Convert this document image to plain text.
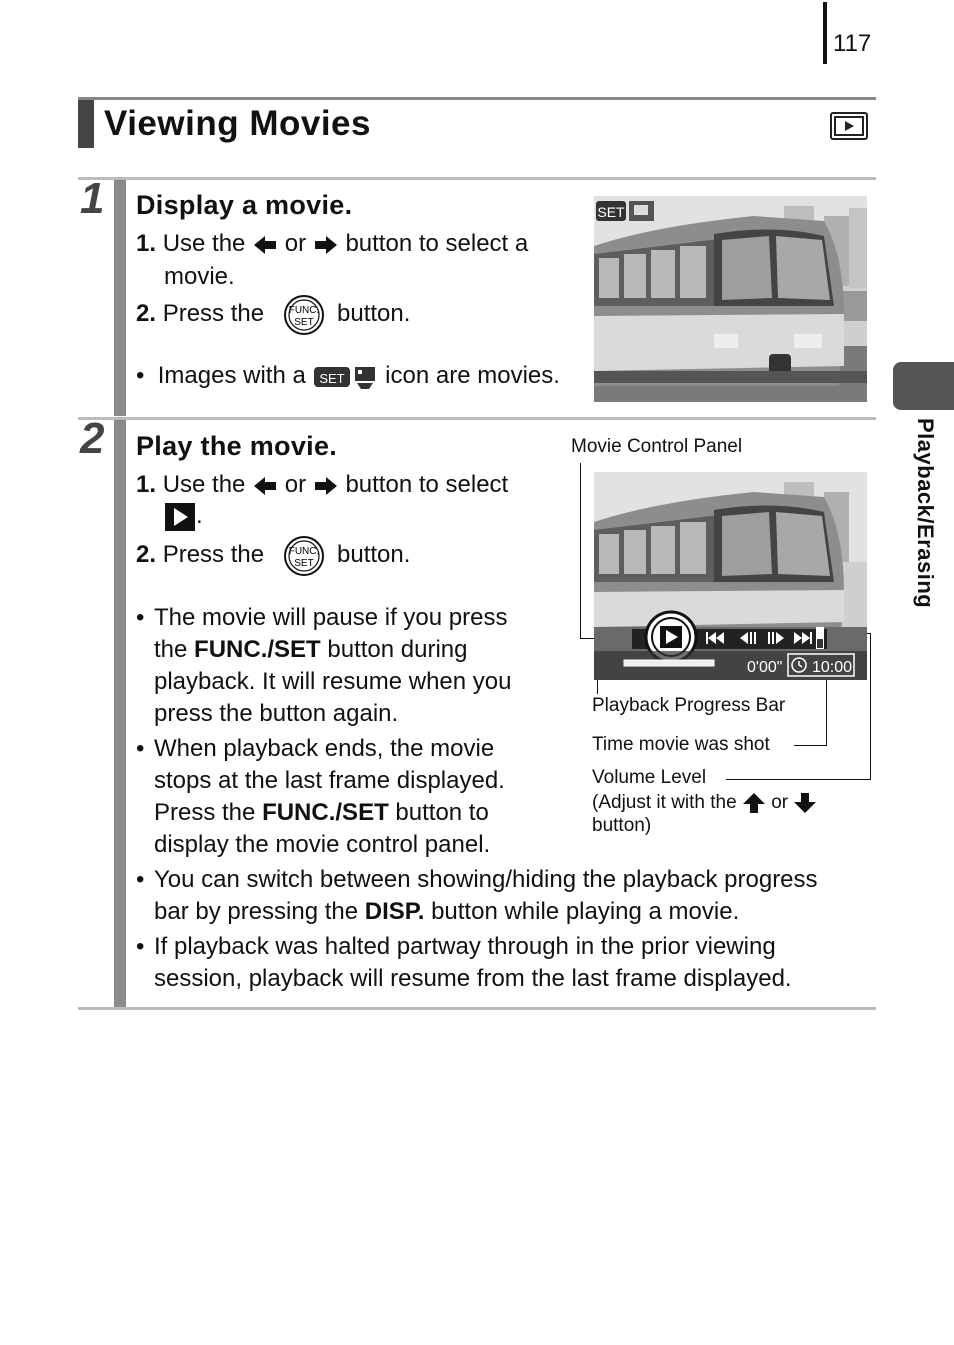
117
Viewing Movies
Playback/Erasing
1 Display a movie.
1. Use the or button to select a
movie.
2. Press the FUNC.
SET button.
•  Images with a SET icon are movies.
SET
2 Play the movie.
1. Use the or button to select
.
2. Press the FUNC.
SET button.
• The movie will pause if you press
the FUNC./SET button during
playback. It will resume when you
press the button again.
• When playback ends, the movie
stops at the last frame displayed.
Press the FUNC./SET button to
display the movie control panel.
• You can switch between showing/hiding the playback progress
bar by pressing the DISP. button while playing a movie.
• If playback was halted partway through in the prior viewing
session, playback will resume from the last frame displayed.
Movie Control Panel
Playback Progress Bar
Time movie was shot
Volume Level
(Adjust it with the or
button)
0'00" 10:00
